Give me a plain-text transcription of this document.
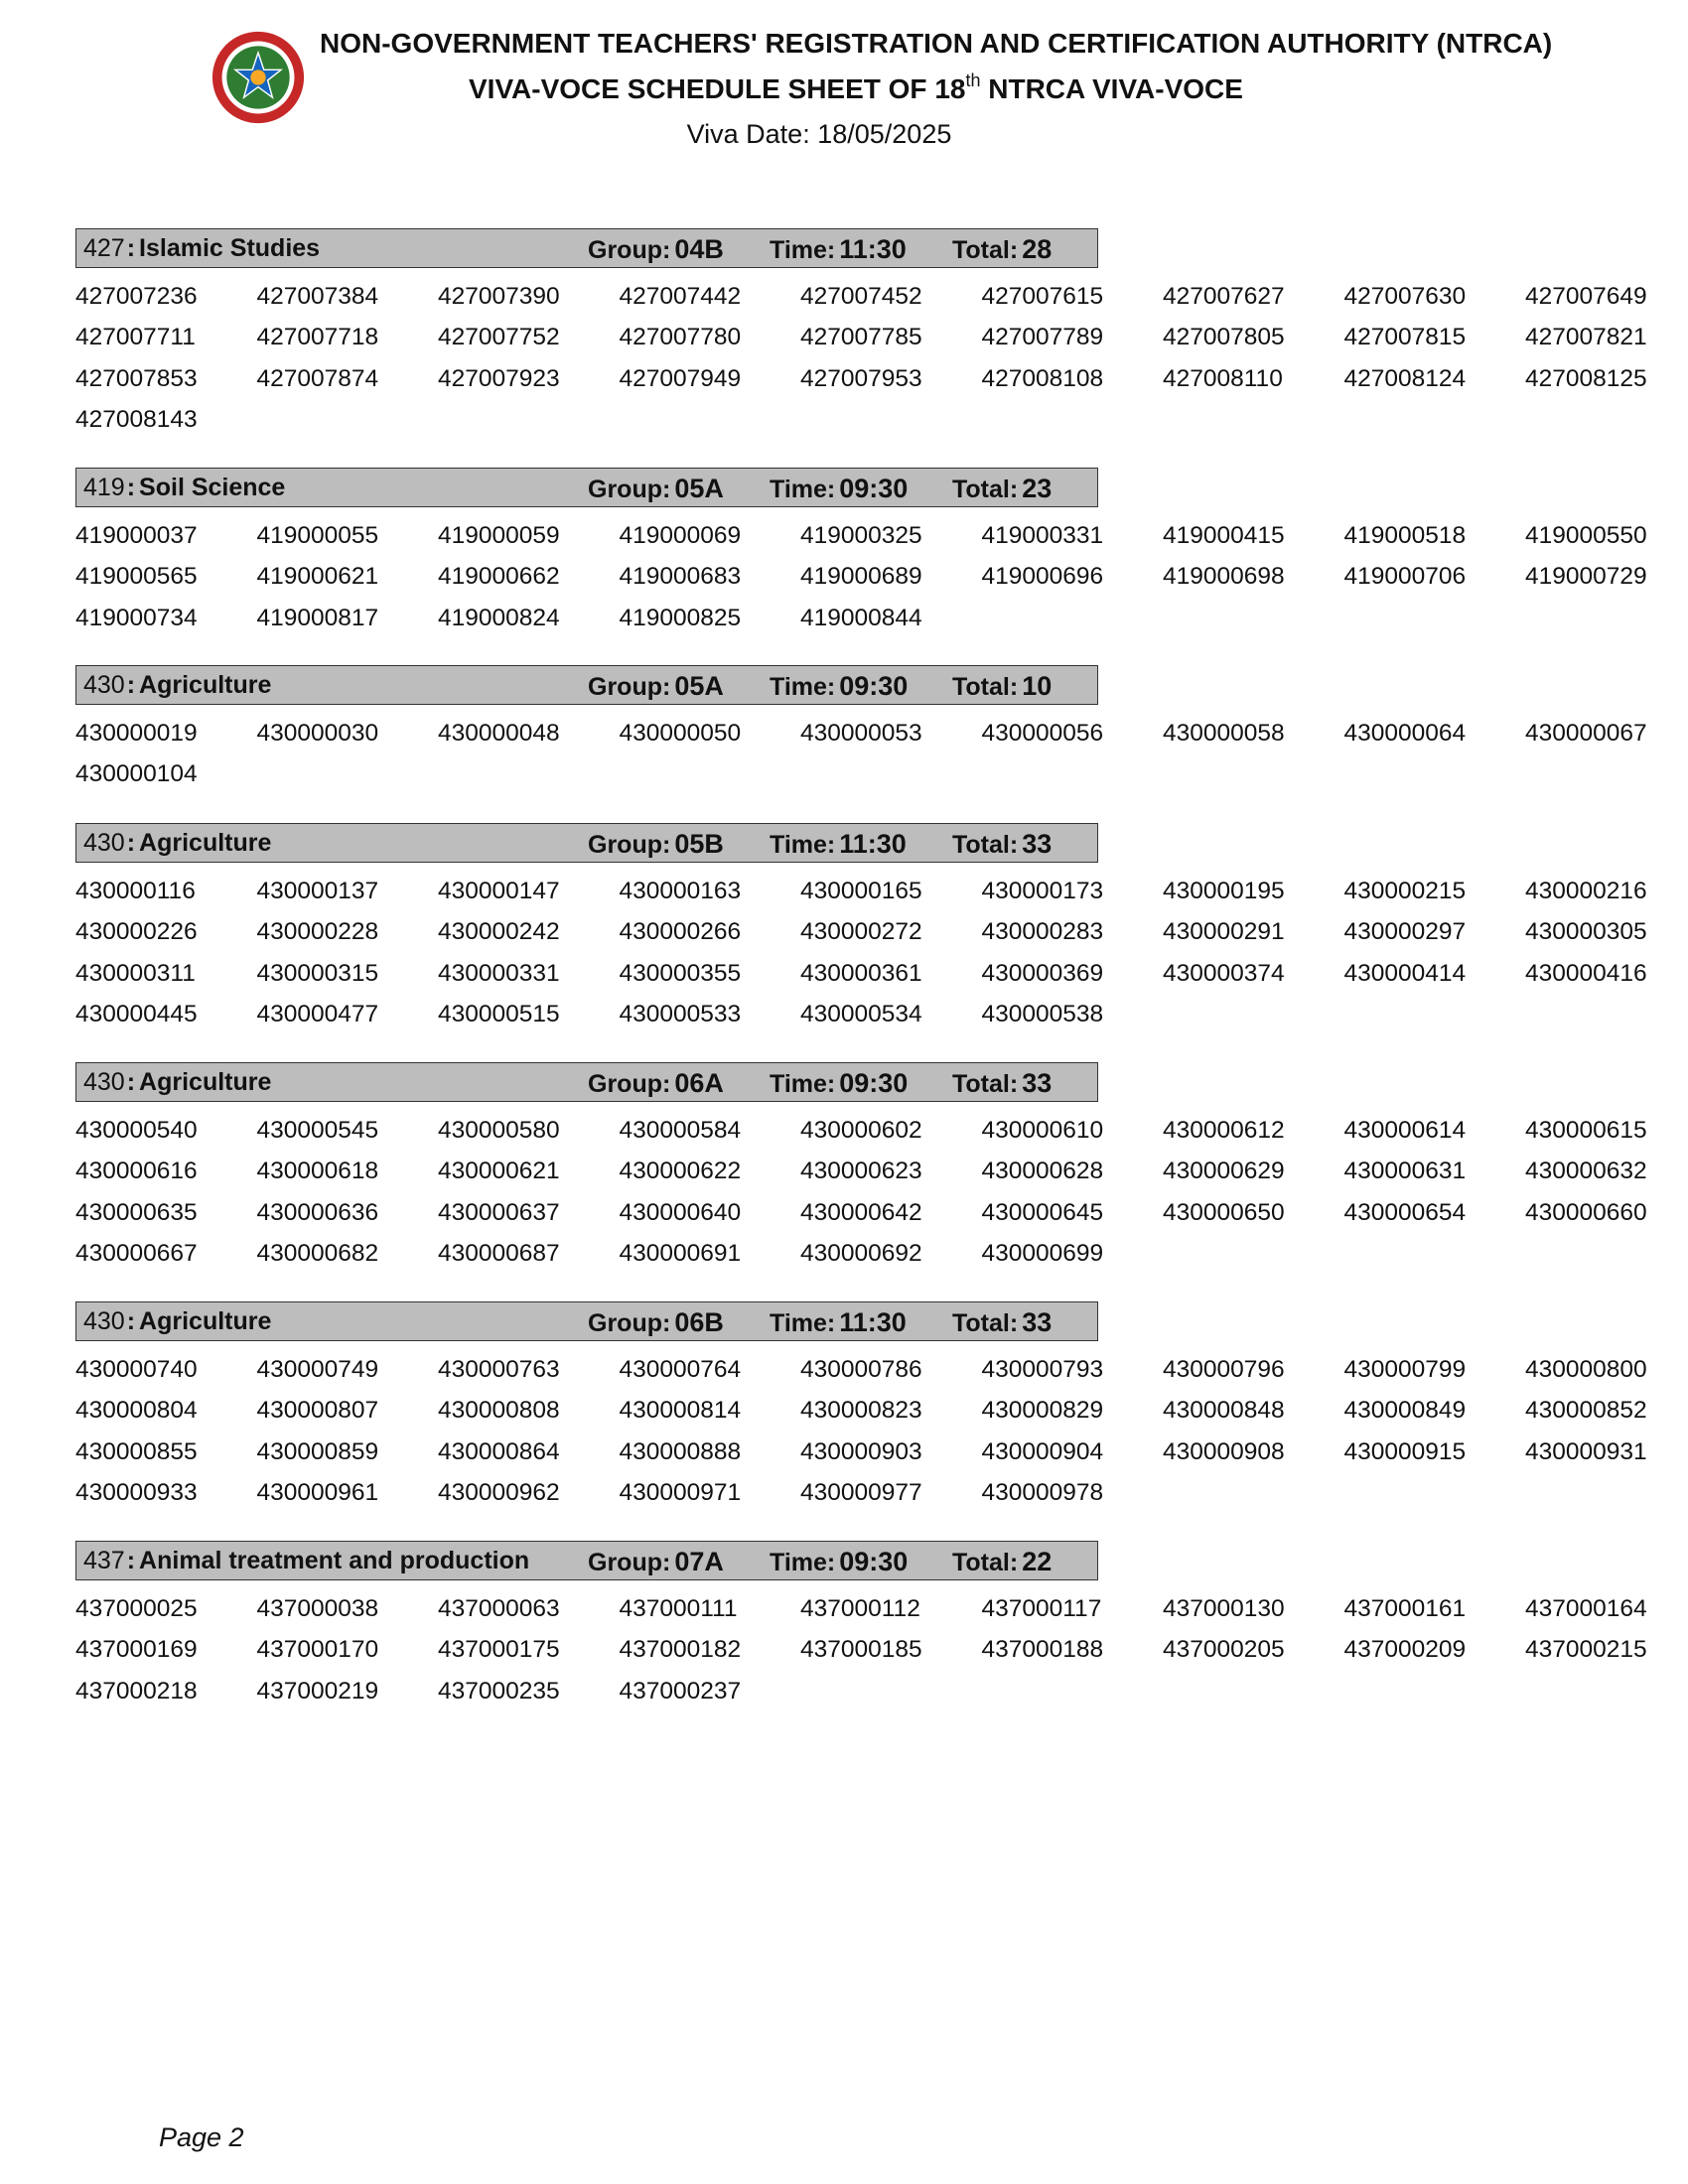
NON-GOVERNMENT TEACHERS' REGISTRATION AND CERTIFICATION AUTHORITY (NTRCA)
VIVA-VOCE SCHEDULE SHEET OF 18th NTRCA VIVA-VOCE
Viva Date: 18/05/2025
427: Islamic Studies	Group: 04B Time: 11:30 Total: 28
427007236 427007384 427007390 427007442 427007452 427007615 427007627 427007630 427007649
427007711	427007718 427007752 427007780 427007785 427007789 427007805 427007815 427007821
427007853 427007874 427007923 427007949 427007953 427008108 427008110	427008124 427008125
427008143
419: Soil Science	Group: 05A Time: 09:30 Total: 23
419000037 419000055 419000059 419000069 419000325 419000331 419000415 419000518 419000550
419000565 419000621 419000662 419000683 419000689 419000696 419000698 419000706 419000729
419000734 419000817 419000824 419000825 419000844
430: Agriculture	Group: 05A Time: 09:30 Total: 10
430000019 430000030 430000048 430000050 430000053 430000056 430000058 430000064 430000067
430000104
430: Agriculture	Group: 05B Time: 11:30 Total: 33
430000116	430000137 430000147 430000163 430000165 430000173 430000195 430000215 430000216
430000226 430000228 430000242 430000266 430000272 430000283 430000291 430000297 430000305
430000311	430000315 430000331 430000355 430000361 430000369 430000374 430000414 430000416
430000445 430000477 430000515 430000533 430000534 430000538
430: Agriculture	Group: 06A Time: 09:30 Total: 33
430000540 430000545 430000580 430000584 430000602 430000610 430000612 430000614 430000615
430000616 430000618 430000621 430000622 430000623 430000628 430000629 430000631 430000632
430000635 430000636 430000637 430000640 430000642 430000645 430000650 430000654 430000660
430000667 430000682 430000687 430000691 430000692 430000699
430: Agriculture	Group: 06B Time: 11:30 Total: 33
430000740 430000749 430000763 430000764 430000786 430000793 430000796 430000799 430000800
430000804 430000807 430000808 430000814 430000823 430000829 430000848 430000849 430000852
430000855 430000859 430000864 430000888 430000903 430000904 430000908 430000915 430000931
430000933 430000961 430000962 430000971 430000977 430000978
437: Animal treatment and production Group: 07A Time: 09:30 Total: 22
437000025 437000038 437000063 437000111	437000112	437000117	437000130 437000161 437000164
437000169 437000170 437000175 437000182 437000185 437000188 437000205 437000209 437000215
437000218 437000219 437000235 437000237
Page 2
